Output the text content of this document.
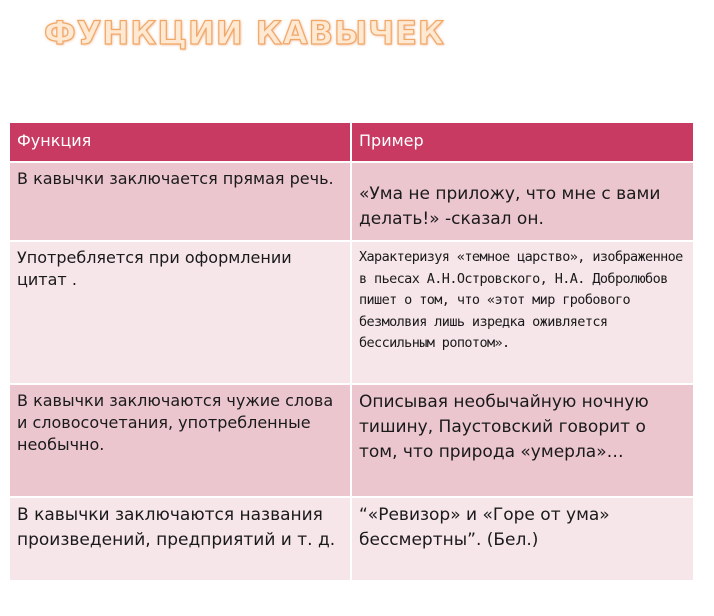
ФУНКЦИИ КАВЫЧЕК
Функция	Пример

В кавычки заключается прямая речь.	«Ума не приложу, что мне с вами делать!» -сказал он.

Употребляется при оформлении цитат .	Характеризуя «темное царство», изображенное в пьесах А.Н.Островского, Н.А. Добролюбов пишет о том, что «этот мир гробового безмолвия лишь изредка оживляется бессильным ропотом».

В кавычки заключаются чужие слова и словосочетания, употребленные необычно.	Описывая необычайную ночную тишину, Паустовский говорит о том, что природа «умерла»…

В кавычки заключаются названия произведений, предприятий и т. д.	“«Ревизор» и «Горе от ума» бессмертны”. (Бел.)
